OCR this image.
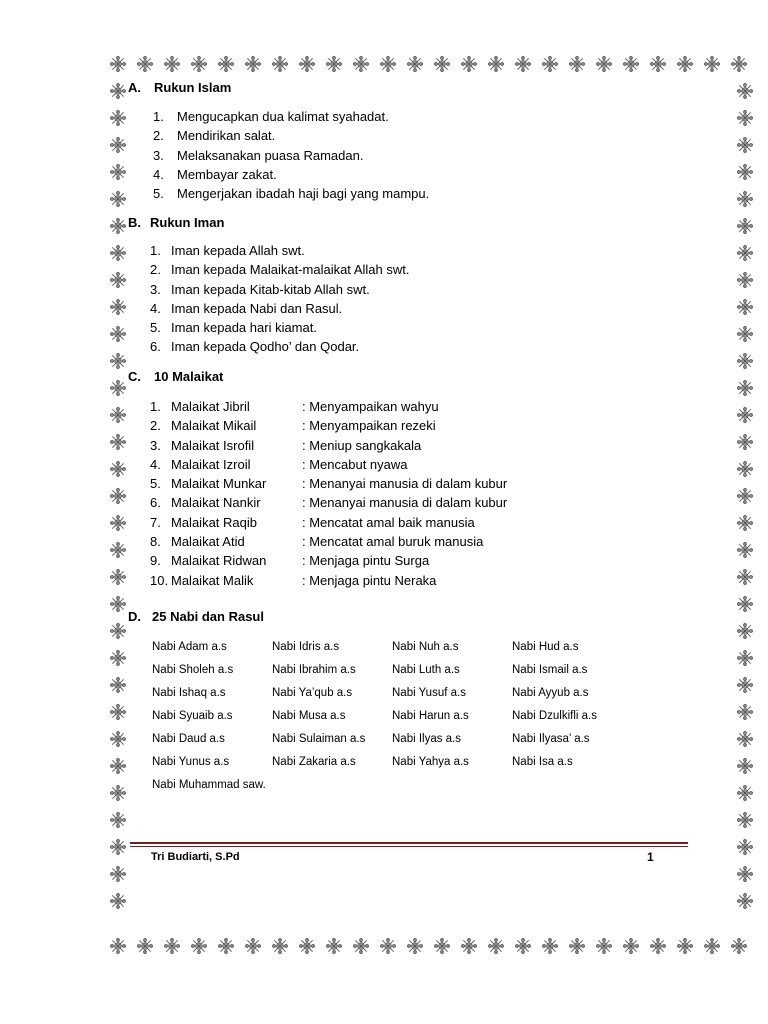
A. Rukun Islam
1. Mengucapkan dua kalimat syahadat.
2. Mendirikan salat.
3. Melaksanakan puasa Ramadan.
4. Membayar zakat.
5. Mengerjakan ibadah haji bagi yang mampu.
B. Rukun Iman
1. Iman kepada Allah swt.
2. Iman kepada Malaikat-malaikat Allah swt.
3. Iman kepada Kitab-kitab Allah swt.
4. Iman kepada Nabi dan Rasul.
5. Iman kepada hari kiamat.
6. Iman kepada Qodho’ dan Qodar.
C. 10 Malaikat
1. Malaikat Jibril	: Menyampaikan wahyu
2. Malaikat Mikail	: Menyampaikan rezeki
3. Malaikat Isrofil	: Meniup sangkakala
4. Malaikat Izroil	: Mencabut nyawa
5. Malaikat Munkar	: Menanyai manusia di dalam kubur
6. Malaikat Nankir	: Menanyai manusia di dalam kubur
7. Malaikat Raqib	: Mencatat amal baik manusia
8. Malaikat Atid	: Mencatat amal buruk manusia
9. Malaikat Ridwan	: Menjaga pintu Surga
10. Malaikat Malik	: Menjaga pintu Neraka
D. 25 Nabi dan Rasul
Nabi Adam a.s	Nabi Idris a.s	Nabi Nuh a.s	Nabi Hud a.s
Nabi Sholeh a.s	Nabi Ibrahim a.s	Nabi Luth a.s	Nabi Ismail a.s
Nabi Ishaq a.s	Nabi Ya’qub a.s	Nabi Yusuf a.s	Nabi Ayyub a.s
Nabi Syuaib a.s	Nabi Musa a.s	Nabi Harun a.s	Nabi Dzulkifli a.s
Nabi Daud a.s	Nabi Sulaiman a.s Nabi Ilyas a.s	Nabi Ilyasa’ a.s
Nabi Yunus a.s	Nabi Zakaria a.s	Nabi Yahya a.s	Nabi Isa a.s
Nabi Muhammad saw.
Tri Budiarti, S.Pd	1
